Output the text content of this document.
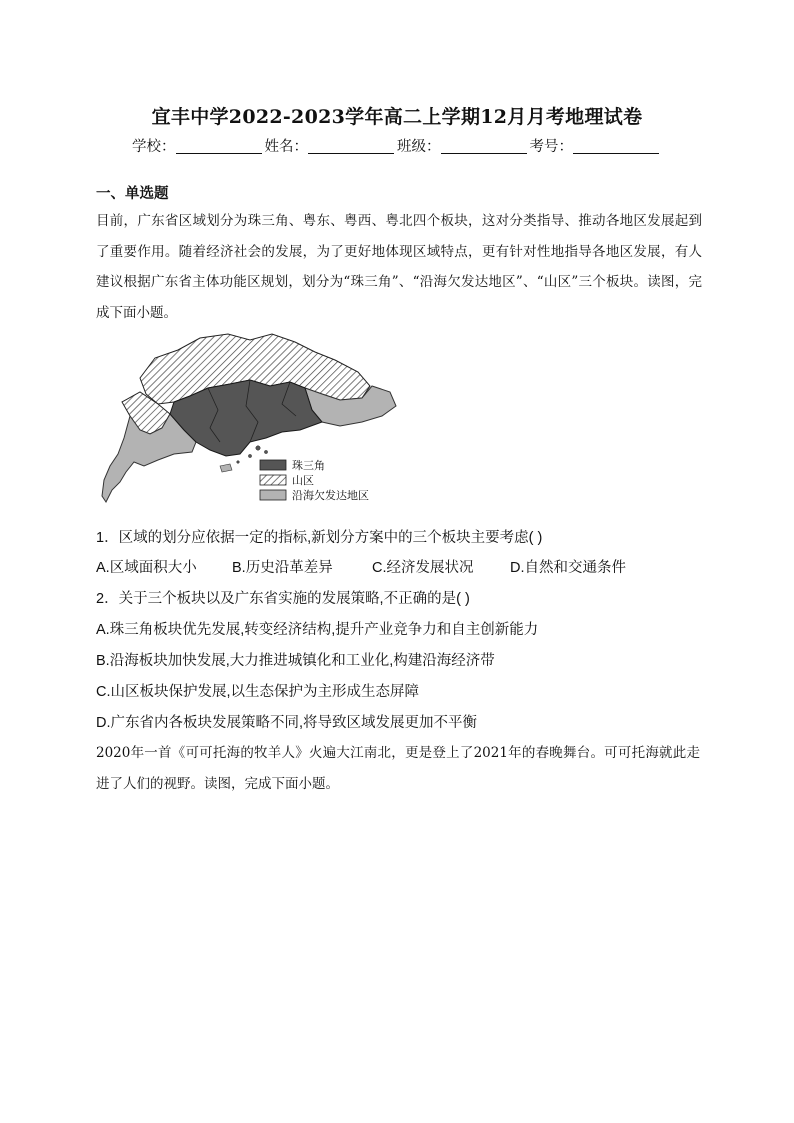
宜丰中学2022-2023学年高二上学期12月月考地理试卷
学校：	姓名：	班级：	考号：
一、单选题
目前，广东省区域划分为珠三角、粤东、粤西、粤北四个板块，这对分类指导、推动各地区发展起到了重要作用。随着经济社会的发展，为了更好地体现区域特点，更有针对性地指导各地区发展，有人建议根据广东省主体功能区规划，划分为“珠三角”、“沿海欠发达地区”、“山区”三个板块。读图，完成下面小题。
珠三角
山区
沿海欠发达地区
1．区域的划分应依据一定的指标,新划分方案中的三个板块主要考虑( )
A.区域面积大小 B.历史沿革差异	C.经济发展状况	D.自然和交通条件
2．关于三个板块以及广东省实施的发展策略,不正确的是( )
A.珠三角板块优先发展,转变经济结构,提升产业竞争力和自主创新能力
B.沿海板块加快发展,大力推进城镇化和工业化,构建沿海经济带
C.山区板块保护发展,以生态保护为主形成生态屏障
D.广东省内各板块发展策略不同,将导致区域发展更加不平衡
2020年一首《可可托海的牧羊人》火遍大江南北，更是登上了2021年的春晚舞台。可可托海就此走进了人们的视野。读图，完成下面小题。
